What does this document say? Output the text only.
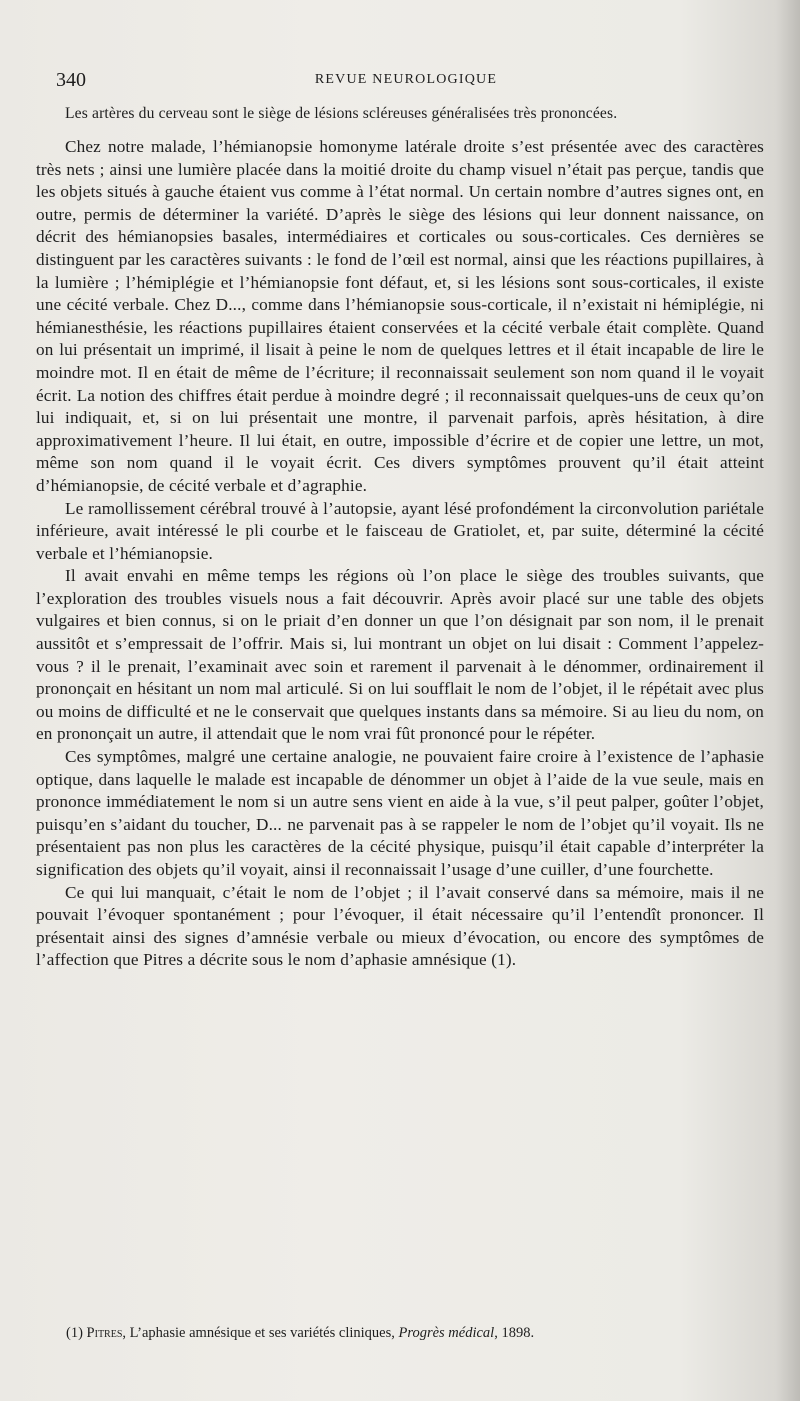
340	REVUE NEUROLOGIQUE

Les artères du cerveau sont le siège de lésions scléreuses généralisées très prononcées.

Chez notre malade, l’hémianopsie homonyme latérale droite s’est présentée avec des caractères très nets ; ainsi une lumière placée dans la moitié droite du champ visuel n’était pas perçue, tandis que les objets situés à gauche étaient vus comme à l’état normal. Un certain nombre d’autres signes ont, en outre, permis de déterminer la variété. D’après le siège des lésions qui leur donnent naissance, on décrit des hémianopsies basales, intermédiaires et corticales ou sous-corticales. Ces dernières se distinguent par les caractères suivants : le fond de l’œil est normal, ainsi que les réactions pupillaires, à la lumière ; l’hémiplégie et l’hémianopsie font défaut, et, si les lésions sont sous-corticales, il existe une cécité verbale. Chez D..., comme dans l’hémianopsie sous-corticale, il n’existait ni hémiplégie, ni hémianesthésie, les réactions pupillaires étaient conservées et la cécité verbale était complète. Quand on lui présentait un imprimé, il lisait à peine le nom de quelques lettres et il était incapable de lire le moindre mot. Il en était de même de l’écriture; il reconnaissait seulement son nom quand il le voyait écrit. La notion des chiffres était perdue à moindre degré ; il reconnaissait quelques-uns de ceux qu’on lui indiquait, et, si on lui présentait une montre, il parvenait parfois, après hésitation, à dire approximativement l’heure. Il lui était, en outre, impossible d’écrire et de copier une lettre, un mot, même son nom quand il le voyait écrit. Ces divers symptômes prouvent qu’il était atteint d’hémianopsie, de cécité verbale et d’agraphie.

Le ramollissement cérébral trouvé à l’autopsie, ayant lésé profondément la circonvolution pariétale inférieure, avait intéressé le pli courbe et le faisceau de Gratiolet, et, par suite, déterminé la cécité verbale et l’hémianopsie.

Il avait envahi en même temps les régions où l’on place le siège des troubles suivants, que l’exploration des troubles visuels nous a fait découvrir. Après avoir placé sur une table des objets vulgaires et bien connus, si on le priait d’en donner un que l’on désignait par son nom, il le prenait aussitôt et s’empressait de l’offrir. Mais si, lui montrant un objet on lui disait : Comment l’appelez-vous ? il le prenait, l’examinait avec soin et rarement il parvenait à le dénommer, ordinairement il prononçait en hésitant un nom mal articulé. Si on lui soufflait le nom de l’objet, il le répétait avec plus ou moins de difficulté et ne le conservait que quelques instants dans sa mémoire. Si au lieu du nom, on en prononçait un autre, il attendait que le nom vrai fût prononcé pour le répéter.

Ces symptômes, malgré une certaine analogie, ne pouvaient faire croire à l’existence de l’aphasie optique, dans laquelle le malade est incapable de dénommer un objet à l’aide de la vue seule, mais en prononce immédiatement le nom si un autre sens vient en aide à la vue, s’il peut palper, goûter l’objet, puisqu’en s’aidant du toucher, D... ne parvenait pas à se rappeler le nom de l’objet qu’il voyait. Ils ne présentaient pas non plus les caractères de la cécité physique, puisqu’il était capable d’interpréter la signification des objets qu’il voyait, ainsi il reconnaissait l’usage d’une cuiller, d’une fourchette.

Ce qui lui manquait, c’était le nom de l’objet ; il l’avait conservé dans sa mémoire, mais il ne pouvait l’évoquer spontanément ; pour l’évoquer, il était nécessaire qu’il l’entendît prononcer. Il présentait ainsi des signes d’amnésie verbale ou mieux d’évocation, ou encore des symptômes de l’affection que Pitres a décrite sous le nom d’aphasie amnésique (1).

(1) Pitres, L’aphasie amnésique et ses variétés cliniques, Progrès médical, 1898.
